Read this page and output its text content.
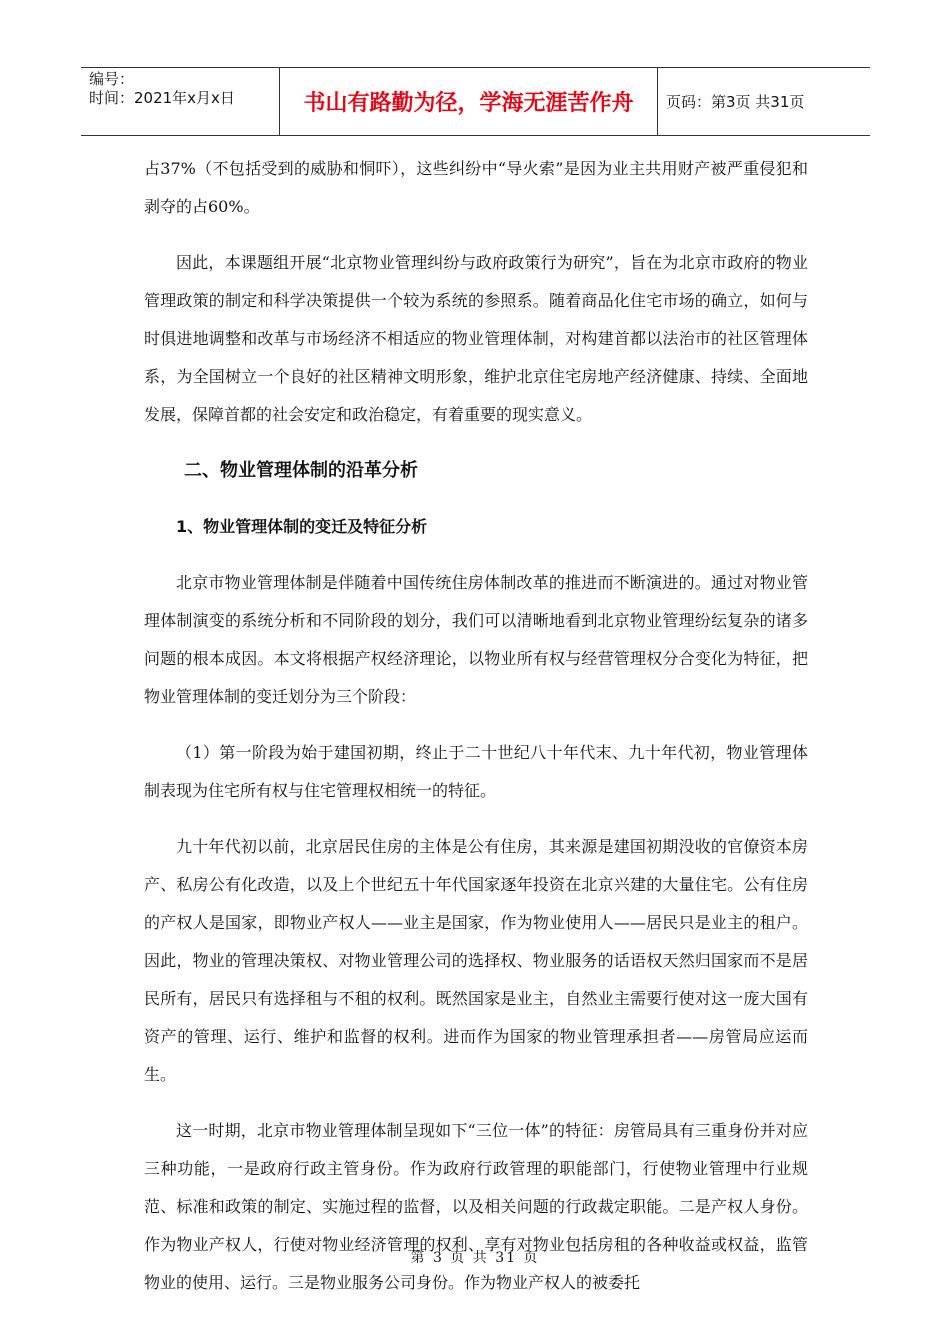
编号：
时间：2021年x月x日	书山有路勤为径，学海无涯苦作舟	页码：第3页 共31页

占37%（不包括受到的威胁和恫吓），这些纠纷中“导火索”是因为业主共用财产被严重侵犯和剥夺的占60%。

因此，本课题组开展“北京物业管理纠纷与政府政策行为研究”，旨在为北京市政府的物业管理政策的制定和科学决策提供一个较为系统的参照系。随着商品化住宅市场的确立，如何与时俱进地调整和改革与市场经济不相适应的物业管理体制，对构建首都以法治市的社区管理体系，为全国树立一个良好的社区精神文明形象，维护北京住宅房地产经济健康、持续、全面地发展，保障首都的社会安定和政治稳定，有着重要的现实意义。

二、物业管理体制的沿革分析

1、物业管理体制的变迁及特征分析

北京市物业管理体制是伴随着中国传统住房体制改革的推进而不断演进的。通过对物业管理体制演变的系统分析和不同阶段的划分，我们可以清晰地看到北京物业管理纷纭复杂的诸多问题的根本成因。本文将根据产权经济理论，以物业所有权与经营管理权分合变化为特征，把物业管理体制的变迁划分为三个阶段：

（1）第一阶段为始于建国初期，终止于二十世纪八十年代末、九十年代初，物业管理体制表现为住宅所有权与住宅管理权相统一的特征。

九十年代初以前，北京居民住房的主体是公有住房，其来源是建国初期没收的官僚资本房产、私房公有化改造，以及上个世纪五十年代国家逐年投资在北京兴建的大量住宅。公有住房的产权人是国家，即物业产权人——业主是国家，作为物业使用人——居民只是业主的租户。因此，物业的管理决策权、对物业管理公司的选择权、物业服务的话语权天然归国家而不是居民所有，居民只有选择租与不租的权利。既然国家是业主，自然业主需要行使对这一庞大国有资产的管理、运行、维护和监督的权利。进而作为国家的物业管理承担者——房管局应运而生。

这一时期，北京市物业管理体制呈现如下“三位一体”的特征：房管局具有三重身份并对应三种功能，一是政府行政主管身份。作为政府行政管理的职能部门，行使物业管理中行业规范、标准和政策的制定、实施过程的监督，以及相关问题的行政裁定职能。二是产权人身份。作为物业产权人，行使对物业经济管理的权利、享有对物业包括房租的各种收益或权益，监管物业的使用、运行。三是物业服务公司身份。作为物业产权人的被委托

第 3 页 共 31 页
